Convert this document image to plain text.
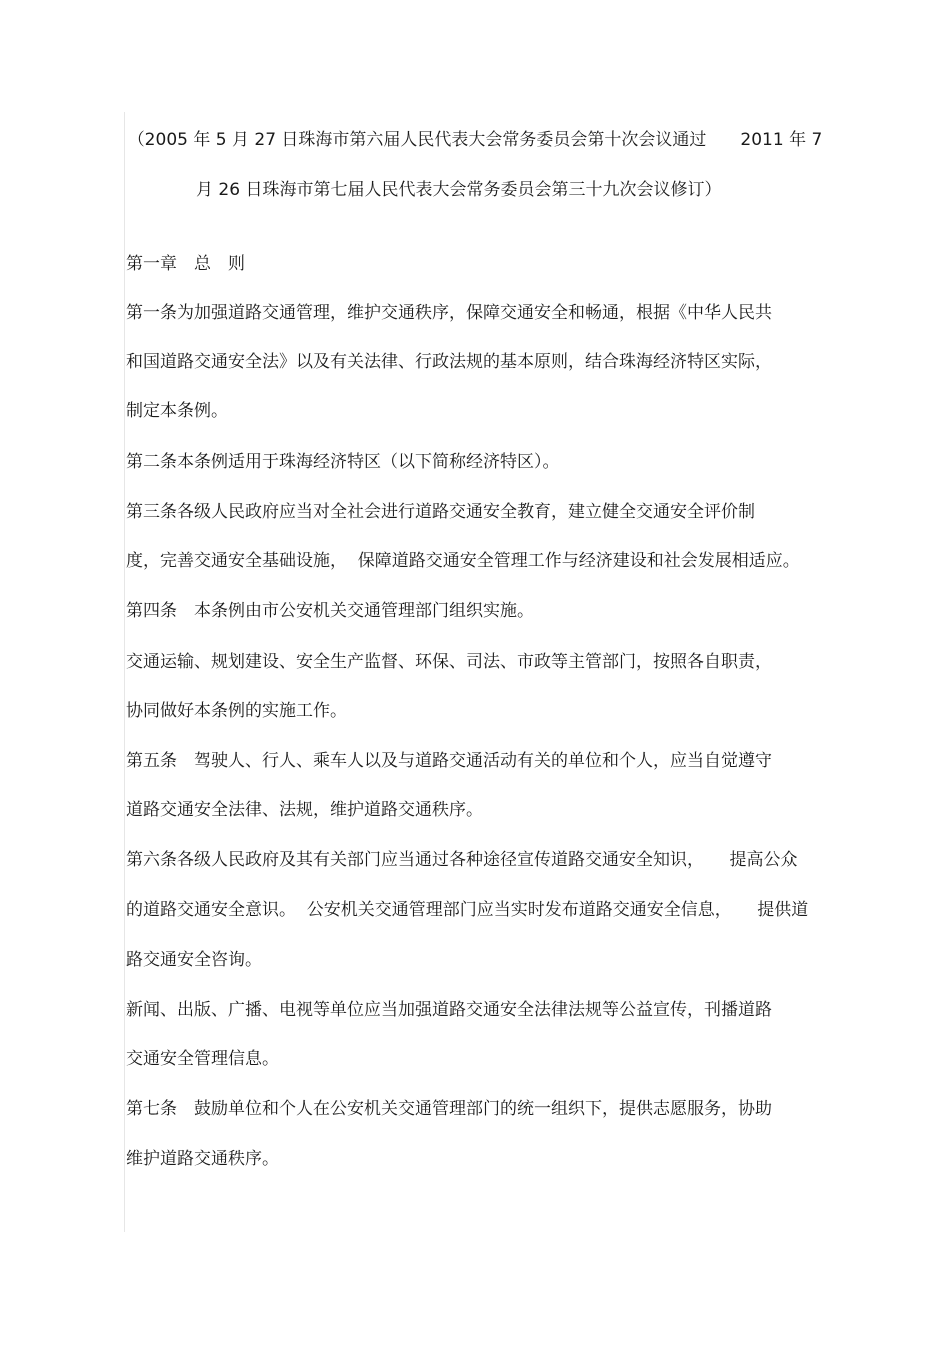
（2005 年 5 月 27 日珠海市第六届人民代表大会常务委员会第十次会议通过　　2011 年 7
月 26 日珠海市第七届人民代表大会常务委员会第三十九次会议修订）
第一章　总　则
第一条为加强道路交通管理，维护交通秩序，保障交通安全和畅通，根据《中华人民共
和国道路交通安全法》以及有关法律、行政法规的基本原则，结合珠海经济特区实际，
制定本条例。
第二条本条例适用于珠海经济特区（以下简称经济特区）。
第三条各级人民政府应当对全社会进行道路交通安全教育，建立健全交通安全评价制
度，完善交通安全基础设施，  保障道路交通安全管理工作与经济建设和社会发展相适应。
第四条　本条例由市公安机关交通管理部门组织实施。
交通运输、规划建设、安全生产监督、环保、司法、市政等主管部门，按照各自职责，
协同做好本条例的实施工作。
第五条　驾驶人、行人、乘车人以及与道路交通活动有关的单位和个人，应当自觉遵守
道路交通安全法律、法规，维护道路交通秩序。
第六条各级人民政府及其有关部门应当通过各种途径宣传道路交通安全知识，　　提高公众
的道路交通安全意识。  公安机关交通管理部门应当实时发布道路交通安全信息，　　提供道
路交通安全咨询。
新闻、出版、广播、电视等单位应当加强道路交通安全法律法规等公益宣传，刊播道路
交通安全管理信息。
第七条　鼓励单位和个人在公安机关交通管理部门的统一组织下，提供志愿服务，协助
维护道路交通秩序。
